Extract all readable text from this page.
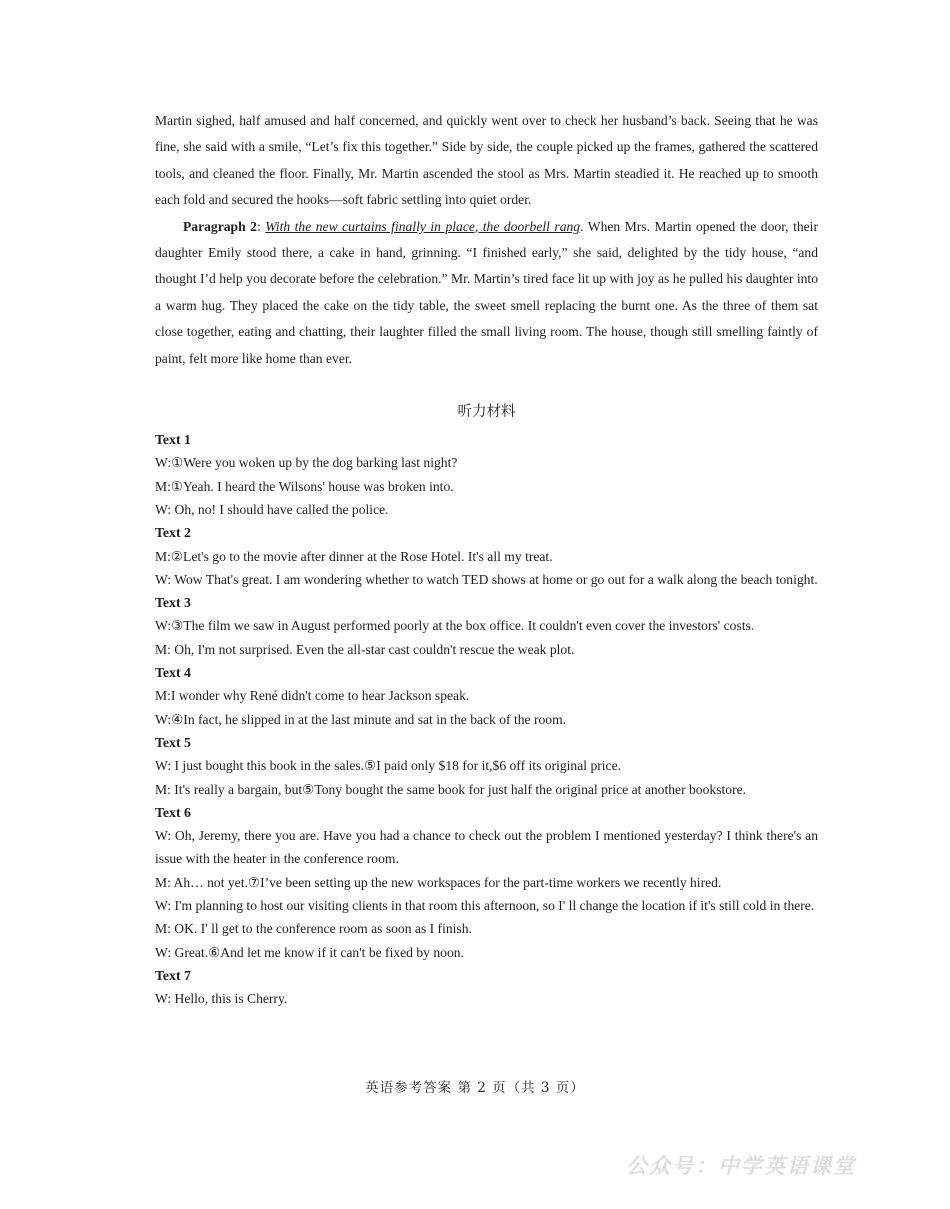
Martin sighed, half amused and half concerned, and quickly went over to check her husband’s back. Seeing that he was fine, she said with a smile, “Let’s fix this together.” Side by side, the couple picked up the frames, gathered the scattered tools, and cleaned the floor. Finally, Mr. Martin ascended the stool as Mrs. Martin steadied it. He reached up to smooth each fold and secured the hooks—soft fabric settling into quiet order.

Paragraph 2: With the new curtains finally in place, the doorbell rang. When Mrs. Martin opened the door, their daughter Emily stood there, a cake in hand, grinning. “I finished early,” she said, delighted by the tidy house, “and thought I’d help you decorate before the celebration.” Mr. Martin’s tired face lit up with joy as he pulled his daughter into a warm hug. They placed the cake on the tidy table, the sweet smell replacing the burnt one. As the three of them sat close together, eating and chatting, their laughter filled the small living room. The house, though still smelling faintly of paint, felt more like home than ever.

听力材料
Text 1
W:①Were you woken up by the dog barking last night?
M:①Yeah. I heard the Wilsons' house was broken into.
W: Oh, no! I should have called the police.
Text 2
M:②Let's go to the movie after dinner at the Rose Hotel. It's all my treat.
W: Wow That's great. I am wondering whether to watch TED shows at home or go out for a walk along the beach tonight.
Text 3
W:③The film we saw in August performed poorly at the box office. It couldn't even cover the investors' costs.
M: Oh, I'm not surprised. Even the all-star cast couldn't rescue the weak plot.
Text 4
M:I wonder why René didn't come to hear Jackson speak.
W:④In fact, he slipped in at the last minute and sat in the back of the room.
Text 5
W: I just bought this book in the sales.⑤I paid only $18 for it,$6 off its original price.
M: It's really a bargain, but⑤Tony bought the same book for just half the original price at another bookstore.
Text 6
W: Oh, Jeremy, there you are. Have you had a chance to check out the problem I mentioned yesterday? I think there's an issue with the heater in the conference room.
M: Ah… not yet.⑦I’ve been setting up the new workspaces for the part-time workers we recently hired.
W: I'm planning to host our visiting clients in that room this afternoon, so I' ll change the location if it's still cold in there.
M: OK. I' ll get to the conference room as soon as I finish.
W: Great.⑥And let me know if it can't be fixed by noon.
Text 7
W: Hello, this is Cherry.
英语参考答案 第 2 页（共 3 页）
公众号：中学英语课堂
